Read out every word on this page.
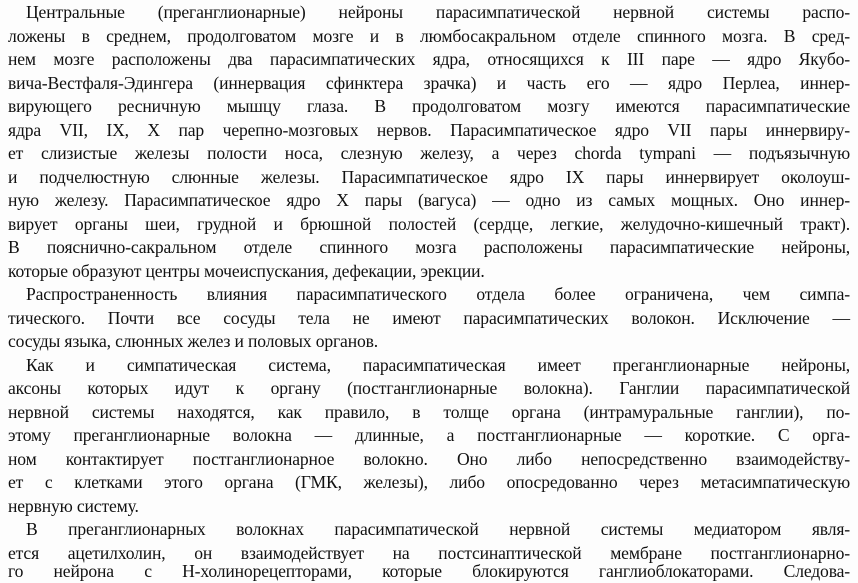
Центральные (преганглионарные) нейроны парасимпатической нервной системы распо-
ложены в среднем, продолговатом мозге и в люмбосакральном отделе спинного мозга. В сред-
нем мозге расположены два парасимпатических ядра, относящихся к III паре — ядро Якубо-
вича-Вестфаля-Эдингера (иннервация сфинктера зрачка) и часть его — ядро Перлеа, иннер-
вирующего ресничную мышцу глаза. В продолговатом мозгу имеются парасимпатические
ядра VII, IX, X пар черепно-мозговых нервов. Парасимпатическое ядро VII пары иннервиру-
ет слизистые железы полости носа, слезную железу, а через chorda tympani — подъязычную
и подчелюстную слюнные железы. Парасимпатическое ядро IX пары иннервирует околоуш-
ную железу. Парасимпатическое ядро X пары (вагуса) — одно из самых мощных. Оно иннер-
вирует органы шеи, грудной и брюшной полостей (сердце, легкие, желудочно-кишечный тракт).
В пояснично-сакральном отделе спинного мозга расположены парасимпатические нейроны,
которые образуют центры мочеиспускания, дефекации, эрекции.
Распространенность влияния парасимпатического отдела более ограничена, чем симпа-
тического. Почти все сосуды тела не имеют парасимпатических волокон. Исключение —
сосуды языка, слюнных желез и половых органов.
Как и симпатическая система, парасимпатическая имеет преганглионарные нейроны,
аксоны которых идут к органу (постганглионарные волокна). Ганглии парасимпатической
нервной системы находятся, как правило, в толще органа (интрамуральные ганглии), по-
этому преганглионарные волокна — длинные, а постганглионарные — короткие. С орга-
ном контактирует постганглионарное волокно. Оно либо непосредственно взаимодейству-
ет с клетками этого органа (ГМК, железы), либо опосредованно через метасимпатическую
нервную систему.
В преганглионарных волокнах парасимпатической нервной системы медиатором явля-
ется ацетилхолин, он взаимодействует на постсинаптической мембране постганглионарно-
го нейрона с Н-холинорецепторами, которые блокируются ганглиоблокаторами. Следова-
